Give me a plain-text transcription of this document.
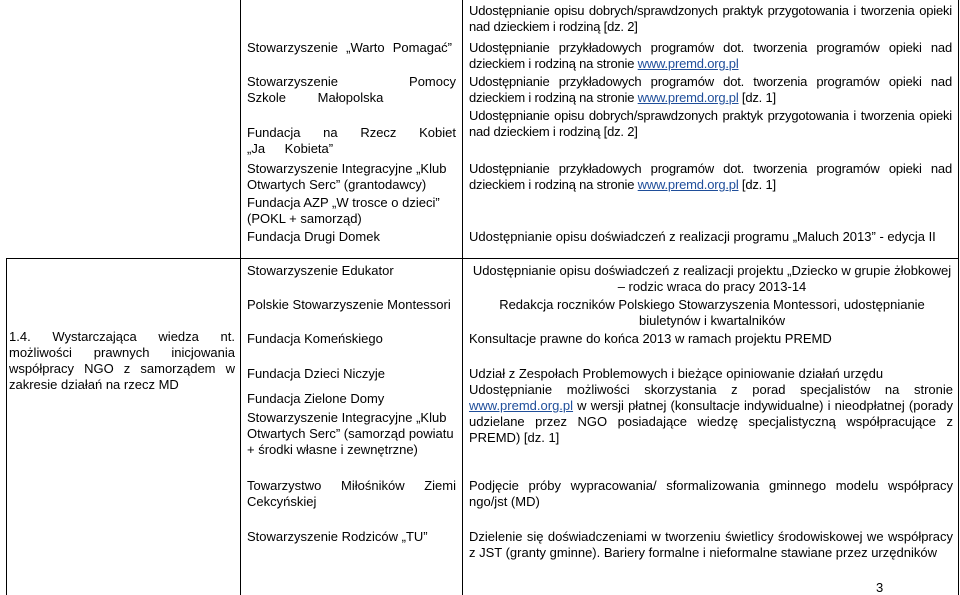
Stowarzyszenie „Warto Pomagać”
Stowarzyszenie Pomocy Szkole Małopolska
Fundacja na Rzecz Kobiet „Ja Kobieta”
Stowarzyszenie Integracyjne „Klub Otwartych Serc” (grantodawcy)
Fundacja AZP „W trosce o dzieci” (POKL + samorząd)
Fundacja Drugi Domek
Udostępnianie opisu dobrych/sprawdzonych praktyk przygotowania i tworzenia opieki nad dzieckiem i rodziną [dz. 2]
Udostępnianie przykładowych programów dot. tworzenia programów opieki nad dzieckiem i rodziną na stronie www.premd.org.pl
Udostępnianie przykładowych programów dot. tworzenia programów opieki nad dzieckiem i rodziną na stronie www.premd.org.pl [dz. 1]
Udostępnianie opisu dobrych/sprawdzonych praktyk przygotowania i tworzenia opieki nad dzieckiem i rodziną [dz. 2]
Udostępnianie przykładowych programów dot. tworzenia programów opieki nad dzieckiem i rodziną na stronie www.premd.org.pl [dz. 1]
Udostępnianie opisu doświadczeń z realizacji programu „Maluch 2013” - edycja II
1.4. Wystarczająca wiedza nt. możliwości prawnych inicjowania współpracy NGO z samorządem w zakresie działań na rzecz MD
Stowarzyszenie Edukator
Polskie Stowarzyszenie Montessori
Fundacja Komeńskiego
Fundacja Dzieci Niczyje
Fundacja Zielone Domy
Stowarzyszenie Integracyjne „Klub Otwartych Serc” (samorząd powiatu + środki własne i zewnętrzne)
Towarzystwo Miłośników Ziemi Cekcyńskiej
Stowarzyszenie Rodziców „TU”
Udostępnianie opisu doświadczeń z realizacji projektu „Dziecko w grupie żłobkowej – rodzic wraca do pracy 2013-14
Redakcja roczników Polskiego Stowarzyszenia Montessori, udostępnianie biuletynów i kwartalników
Konsultacje prawne do końca 2013 w ramach projektu PREMD
Udział z Zespołach Problemowych i bieżące opiniowanie działań urzędu
Udostępnianie możliwości skorzystania z porad specjalistów na stronie www.premd.org.pl w wersji płatnej (konsultacje indywidualne) i nieodpłatnej (porady udzielane przez NGO posiadające wiedzę specjalistyczną współpracujące z PREMD) [dz. 1]
Podjęcie próby wypracowania/ sformalizowania gminnego modelu współpracy ngo/jst (MD)
Dzielenie się doświadczeniami w tworzeniu świetlicy środowiskowej we współpracy z JST (granty gminne). Bariery formalne i nieformalne stawiane przez urzędników
3
